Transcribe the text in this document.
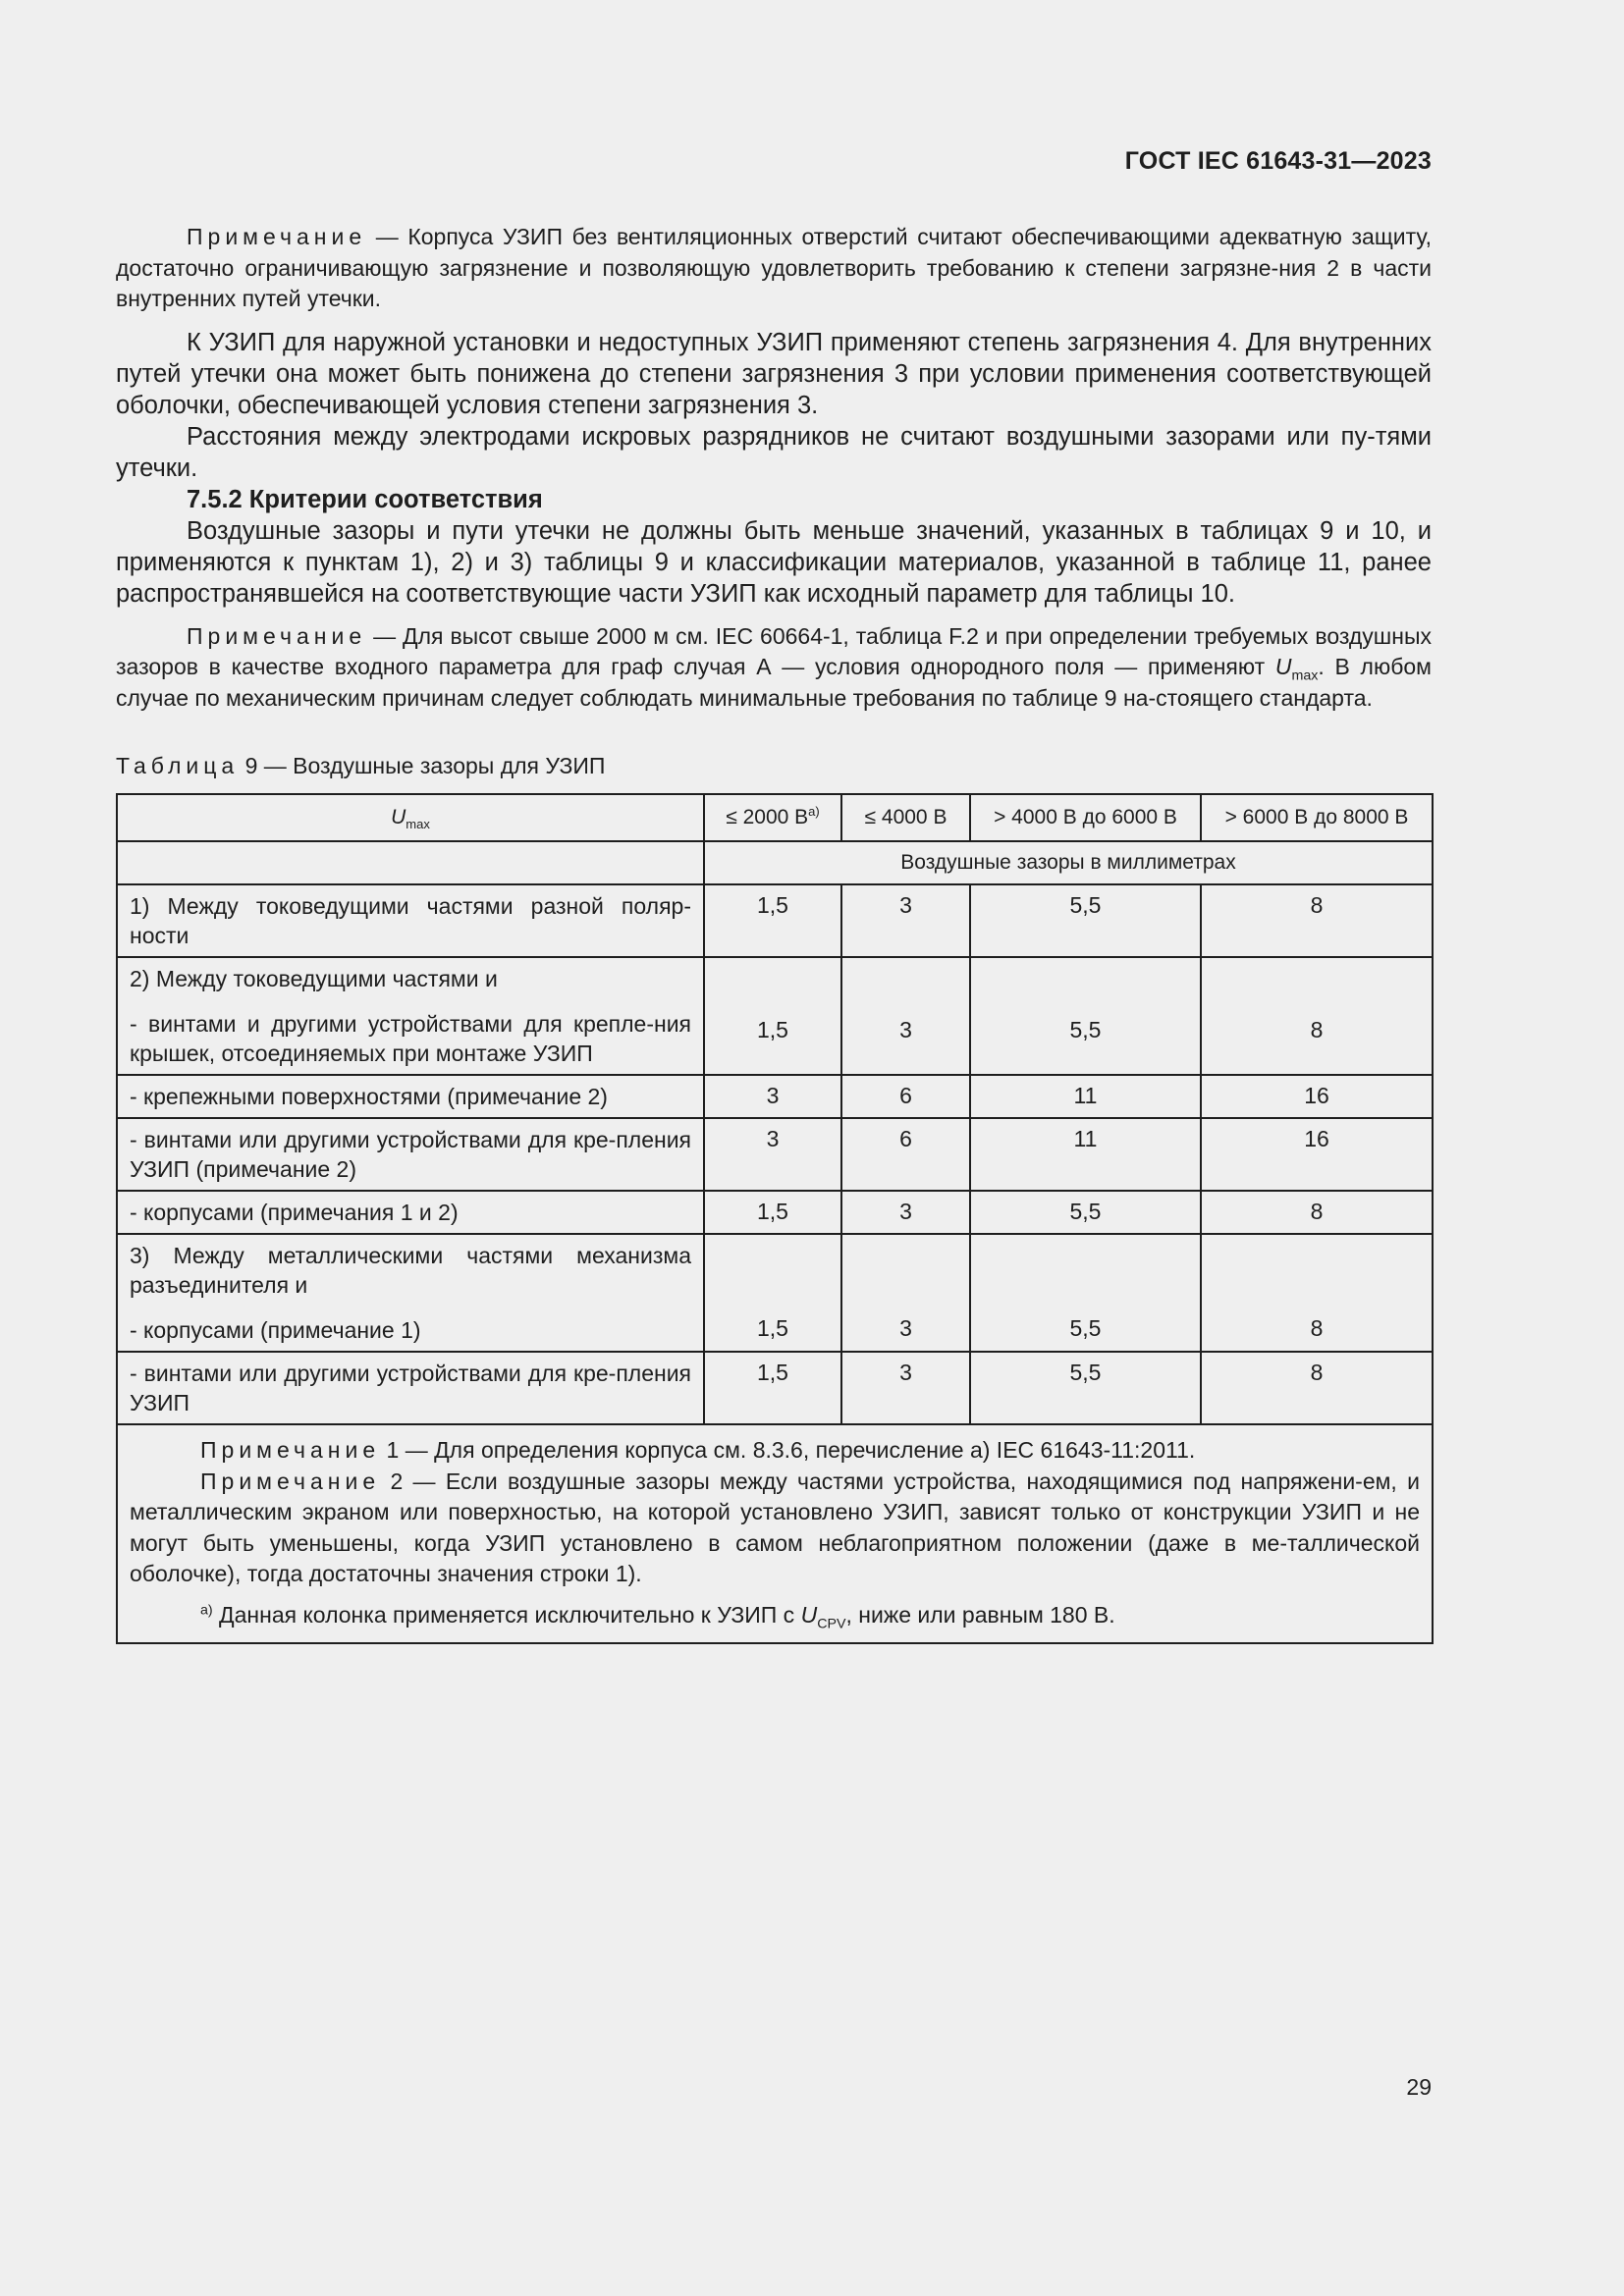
ГОСТ IEC 61643-31—2023

Примечание — Корпуса УЗИП без вентиляционных отверстий считают обеспечивающими адекватную защиту, достаточно ограничивающую загрязнение и позволяющую удовлетворить требованию к степени загрязне-ния 2 в части внутренних путей утечки.

К УЗИП для наружной установки и недоступных УЗИП применяют степень загрязнения 4. Для внутренних путей утечки она может быть понижена до степени загрязнения 3 при условии применения соответствующей оболочки, обеспечивающей условия степени загрязнения 3.

Расстояния между электродами искровых разрядников не считают воздушными зазорами или пу-тями утечки.

7.5.2 Критерии соответствия

Воздушные зазоры и пути утечки не должны быть меньше значений, указанных в таблицах 9 и 10, и применяются к пунктам 1), 2) и 3) таблицы 9 и классификации материалов, указанной в таблице 11, ранее распространявшейся на соответствующие части УЗИП как исходный параметр для таблицы 10.

Примечание — Для высот свыше 2000 м см. IEC 60664-1, таблица F.2 и при определении требуемых воздушных зазоров в качестве входного параметра для граф случая А — условия однородного поля — применяют $U_{max}$. В любом случае по механическим причинам следует соблюдать минимальные требования по таблице 9 на-стоящего стандарта.

Таблица 9 — Воздушные зазоры для УЗИП
$U_{max}$	≤ 2000 $В^{а)}$	≤ 4000 В	> 4000 В до 6000 В	> 6000 В до 8000 В
	Воздушные зазоры в миллиметрах			
1) Между токоведущими частями разной поляр-ности	1,5	3	5,5	8

2) Между токоведущими частями и
- винтами и другими устройствами для крепле-ния крышек, отсоединяемых при монтаже УЗИП	1,5	3	5,5	8
- крепежными поверхностями (примечание 2)	3	6	11	16
- винтами или другими устройствами для кре-пления УЗИП (примечание 2)	3	6	11	16
- корпусами (примечания 1 и 2)	1,5	3	5,5	8

3) Между металлическими частями механизма разъединителя и
- корпусами (примечание 1)	1,5	3	5,5	8
- винтами или другими устройствами для кре-пления УЗИП	1,5	3	5,5	8

Примечание 1 — Для определения корпуса см. 8.3.6, перечисление а) IEC 61643-11:2011.

Примечание 2 — Если воздушные зазоры между частями устройства, находящимися под напряжени-ем, и металлическим экраном или поверхностью, на которой установлено УЗИП, зависят только от конструкции УЗИП и не могут быть уменьшены, когда УЗИП установлено в самом неблагоприятном положении (даже в ме-таллической оболочке), тогда достаточны значения строки 1).

$^{а)}$ Данная колонка применяется исключительно к УЗИП с $U_{CPV}$, ниже или равным 180 В.				

29
